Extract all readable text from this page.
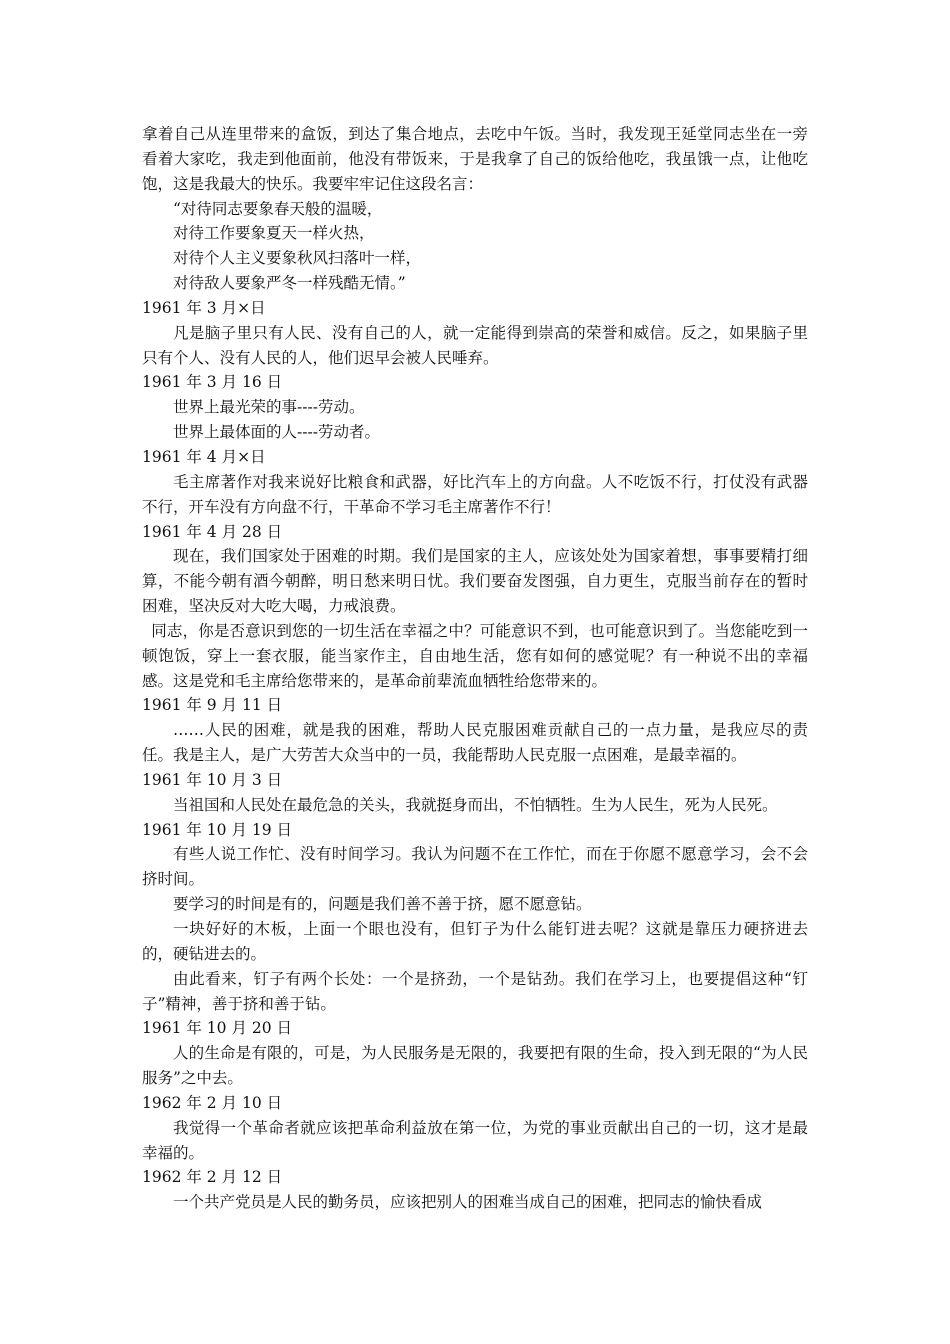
拿着自己从连里带来的盒饭，到达了集合地点，去吃中午饭。当时，我发现王延堂同志坐在一旁看着大家吃，我走到他面前，他没有带饭来，于是我拿了自己的饭给他吃，我虽饿一点，让他吃饱，这是我最大的快乐。我要牢牢记住这段名言：

“对待同志要象春天般的温暖，

对待工作要象夏天一样火热，

对待个人主义要象秋风扫落叶一样，

对待敌人要象严冬一样残酷无情。”

1961 年 3 月×日

凡是脑子里只有人民、没有自己的人，就一定能得到崇高的荣誉和威信。反之，如果脑子里只有个人、没有人民的人，他们迟早会被人民唾弃。

1961 年 3 月 16 日

世界上最光荣的事----劳动。

世界上最体面的人----劳动者。

1961 年 4 月×日

毛主席著作对我来说好比粮食和武器，好比汽车上的方向盘。人不吃饭不行，打仗没有武器不行，开车没有方向盘不行，干革命不学习毛主席著作不行！

1961 年 4 月 28 日

现在，我们国家处于困难的时期。我们是国家的主人，应该处处为国家着想，事事要精打细算，不能今朝有酒今朝醉，明日愁来明日忧。我们要奋发图强，自力更生，克服当前存在的暂时困难，坚决反对大吃大喝，力戒浪费。

同志，你是否意识到您的一切生活在幸福之中？可能意识不到，也可能意识到了。当您能吃到一顿饱饭，穿上一套衣服，能当家作主，自由地生活，您有如何的感觉呢？有一种说不出的幸福感。这是党和毛主席给您带来的，是革命前辈流血牺牲给您带来的。

1961 年 9 月 11 日

……人民的困难，就是我的困难，帮助人民克服困难贡献自己的一点力量，是我应尽的责任。我是主人，是广大劳苦大众当中的一员，我能帮助人民克服一点困难，是最幸福的。

1961 年 10 月 3 日

当祖国和人民处在最危急的关头，我就挺身而出，不怕牺牲。生为人民生，死为人民死。

1961 年 10 月 19 日

有些人说工作忙、没有时间学习。我认为问题不在工作忙，而在于你愿不愿意学习，会不会挤时间。

要学习的时间是有的，问题是我们善不善于挤，愿不愿意钻。

一块好好的木板，上面一个眼也没有，但钉子为什么能钉进去呢？这就是靠压力硬挤进去的，硬钻进去的。

由此看来，钉子有两个长处：一个是挤劲，一个是钻劲。我们在学习上，也要提倡这种“钉子”精神，善于挤和善于钻。

1961 年 10 月 20 日

人的生命是有限的，可是，为人民服务是无限的，我要把有限的生命，投入到无限的“为人民服务”之中去。

1962 年 2 月 10 日

我觉得一个革命者就应该把革命利益放在第一位，为党的事业贡献出自己的一切，这才是最幸福的。

1962 年 2 月 12 日

一个共产党员是人民的勤务员，应该把别人的困难当成自己的困难，把同志的愉快看成
